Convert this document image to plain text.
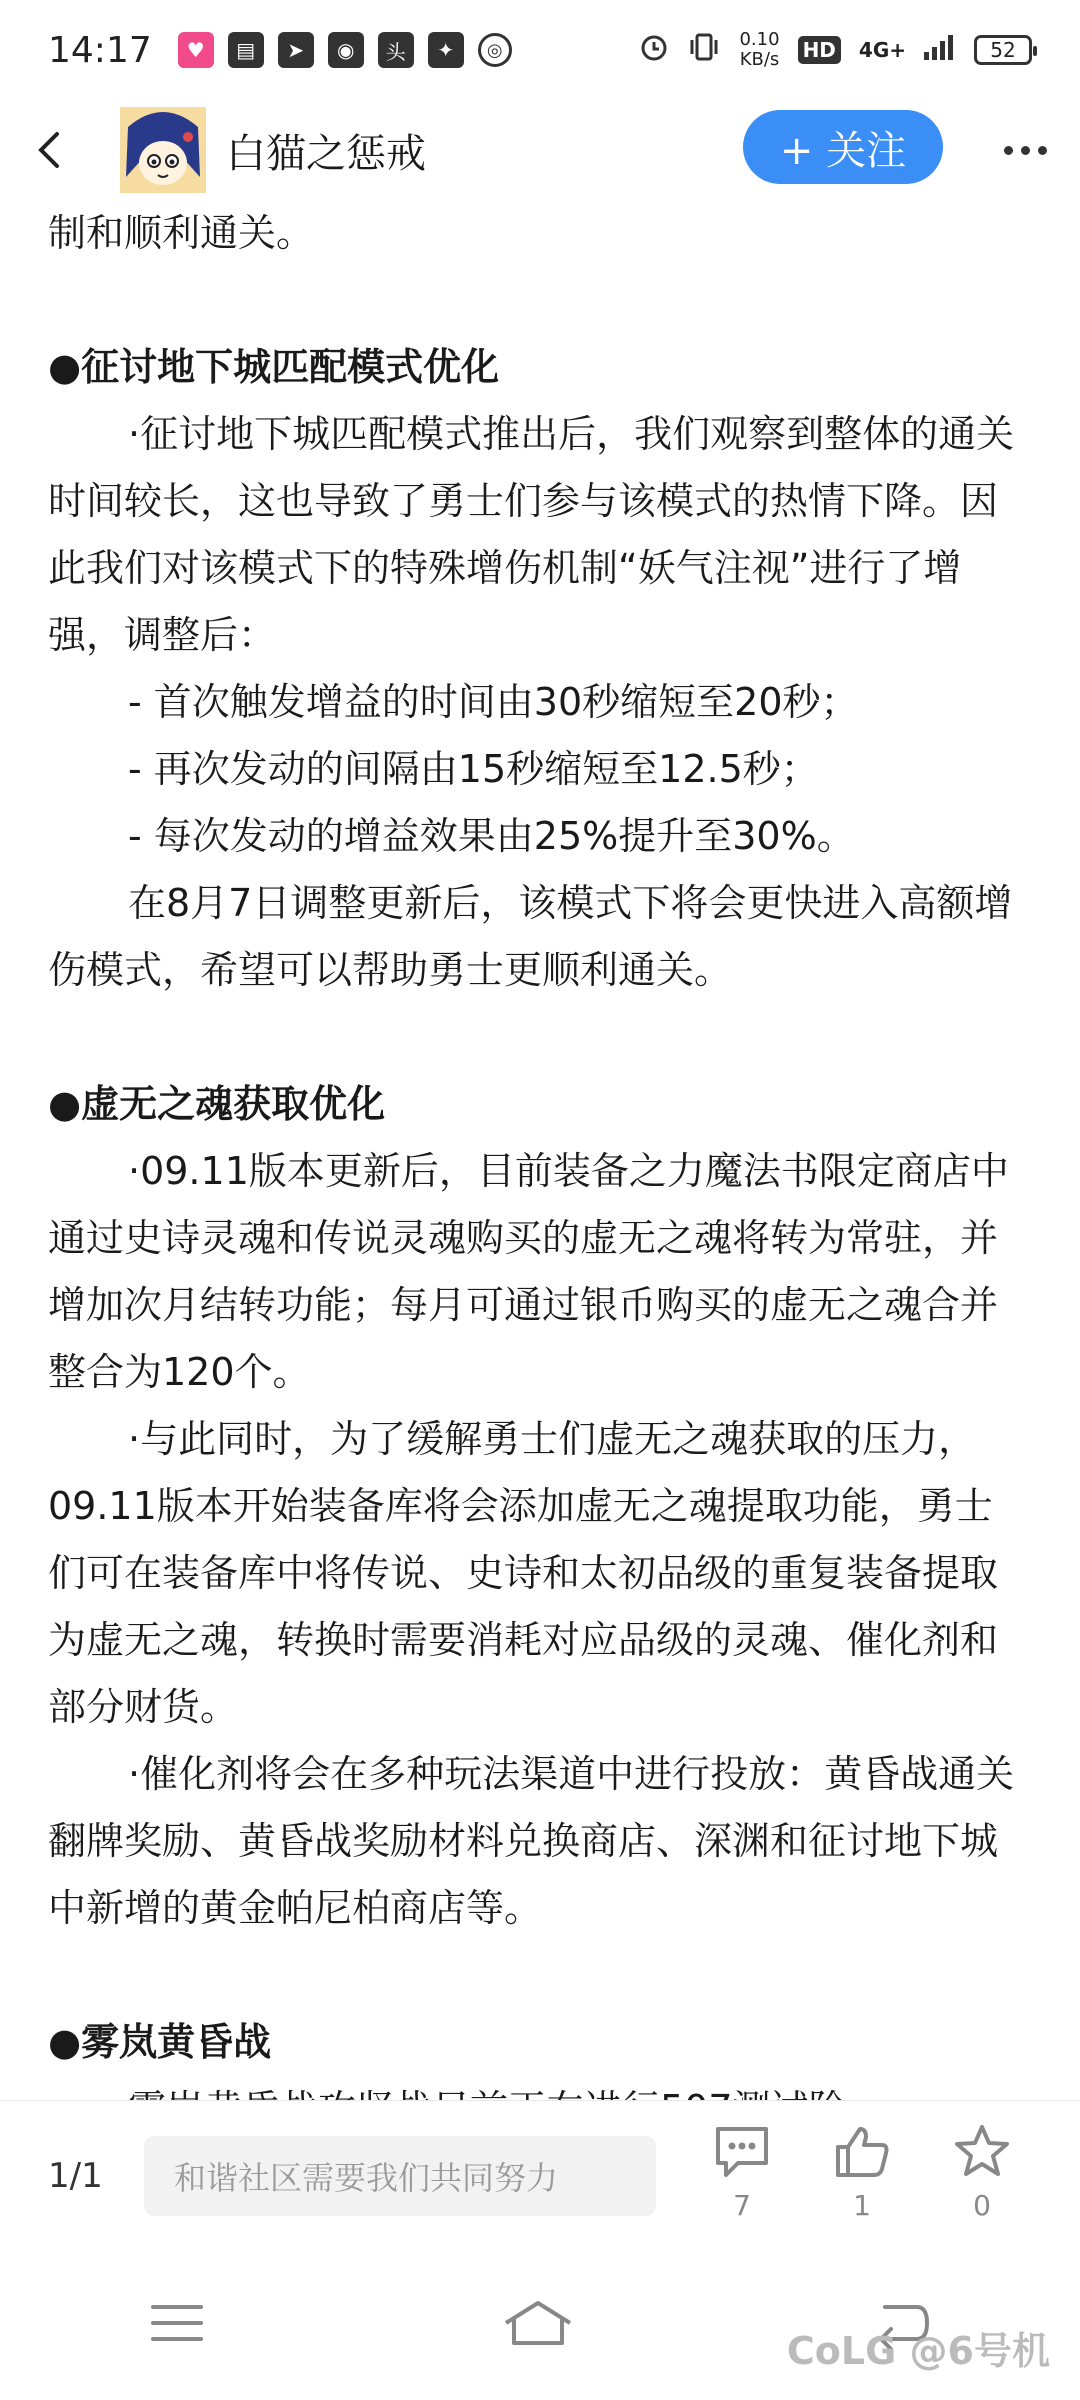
14:17	♥	▤	➤	◉	头	✦	◎	0.10
KB/s HD 4G+	52
白猫之惩戒	+ 关注

制和顺利通关。

●征讨地下城匹配模式优化

·征讨地下城匹配模式推出后，我们观察到整体的通关时间较长，这也导致了勇士们参与该模式的热情下降。因此我们对该模式下的特殊增伤机制“妖气注视”进行了增强，调整后：

- 首次触发增益的时间由30秒缩短至20秒；

- 再次发动的间隔由15秒缩短至12.5秒；

- 每次发动的增益效果由25%提升至30%。

在8月7日调整更新后，该模式下将会更快进入高额增伤模式，希望可以帮助勇士更顺利通关。

●虚无之魂获取优化

·09.11版本更新后，目前装备之力魔法书限定商店中通过史诗灵魂和传说灵魂购买的虚无之魂将转为常驻，并增加次月结转功能；每月可通过银币购买的虚无之魂合并整合为120个。

·与此同时，为了缓解勇士们虚无之魂获取的压力，09.11版本开始装备库将会添加虚无之魂提取功能，勇士们可在装备库中将传说、史诗和太初品级的重复装备提取为虚无之魂，转换时需要消耗对应品级的灵魂、催化剂和部分财货。

·催化剂将会在多种玩法渠道中进行投放：黄昏战通关翻牌奖励、黄昏战奖励材料兑换商店、深渊和征讨地下城中新增的黄金帕尼柏商店等。

●雾岚黄昏战

1/1	和谐社区需要我们共同努力
7	1	0
CoLG @6号机
